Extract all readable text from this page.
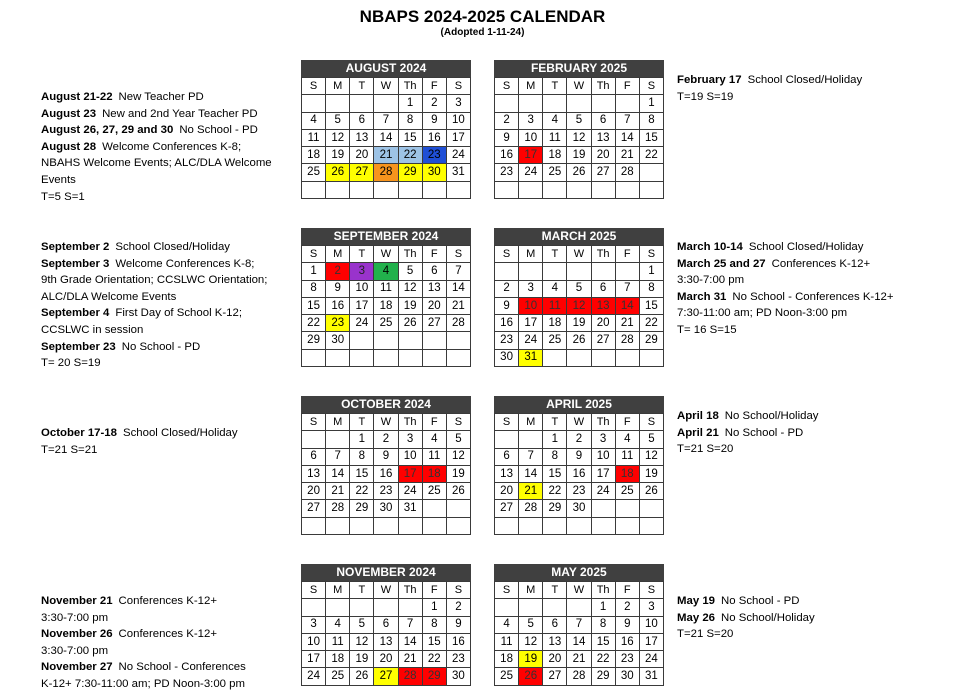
NBAPS 2024-2025 CALENDAR
(Adopted 1-11-24)
AUGUST 2024
S	M	T	W	Th	F	S
				1	2	3
4	5	6	7	8	9	10
11	12	13	14	15	16	17
18	19	20	21	22	23	24
25	26	27	28	29	30	31

FEBRUARY 2025
S	M	T	W	Th	F	S
						1
2	3	4	5	6	7	8
9	10	11	12	13	14	15
16	17	18	19	20	21	22
23	24	25	26	27	28	

SEPTEMBER 2024
S	M	T	W	Th	F	S
1	2	3	4	5	6	7
8	9	10	11	12	13	14
15	16	17	18	19	20	21
22	23	24	25	26	27	28
29	30					

MARCH 2025
S	M	T	W	Th	F	S
						1
2	3	4	5	6	7	8
9	10	11	12	13	14	15
16	17	18	19	20	21	22
23	24	25	26	27	28	29
30	31					
OCTOBER 2024
S	M	T	W	Th	F	S
		1	2	3	4	5
6	7	8	9	10	11	12
13	14	15	16	17	18	19
20	21	22	23	24	25	26
27	28	29	30	31		

APRIL 2025
S	M	T	W	Th	F	S
		1	2	3	4	5
6	7	8	9	10	11	12
13	14	15	16	17	18	19
20	21	22	23	24	25	26
27	28	29	30			

NOVEMBER 2024
S	M	T	W	Th	F	S
					1	2
3	4	5	6	7	8	9
10	11	12	13	14	15	16
17	18	19	20	21	22	23
24	25	26	27	28	29	30
MAY 2025
S	M	T	W	Th	F	S
				1	2	3
4	5	6	7	8	9	10
11	12	13	14	15	16	17
18	19	20	21	22	23	24
25	26	27	28	29	30	31
August 21-22 New Teacher PD
August 23 New and 2nd Year Teacher PD
August 26, 27, 29 and 30 No School - PD
August 28 Welcome Conferences K-8;
NBAHS Welcome Events; ALC/DLA Welcome
Events
T=5 S=1
February 17 School Closed/Holiday
T=19 S=19
September 2 School Closed/Holiday
September 3 Welcome Conferences K-8;
9th Grade Orientation; CCSLWC Orientation;
ALC/DLA Welcome Events
September 4 First Day of School K-12;
CCSLWC in session
September 23 No School - PD
T= 20 S=19
March 10-14 School Closed/Holiday
March 25 and 27 Conferences K-12+
3:30-7:00 pm
March 31 No School - Conferences K-12+
7:30-11:00 am; PD Noon-3:00 pm
T= 16 S=15
October 17-18 School Closed/Holiday
T=21 S=21
April 18 No School/Holiday
April 21 No School - PD
T=21 S=20
November 21 Conferences K-12+
3:30-7:00 pm
November 26 Conferences K-12+
3:30-7:00 pm
November 27 No School - Conferences
K-12+ 7:30-11:00 am; PD Noon-3:00 pm
May 19 No School - PD
May 26 No School/Holiday
T=21 S=20
